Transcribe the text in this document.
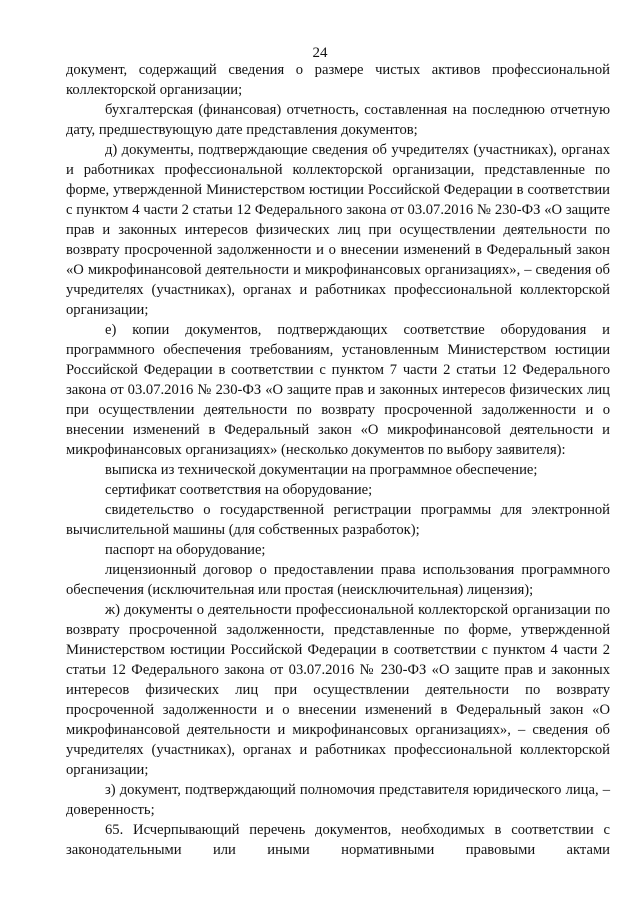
24

документ, содержащий сведения о размере чистых активов профессиональной коллекторской организации;

бухгалтерская (финансовая) отчетность, составленная на последнюю отчетную дату, предшествующую дате представления документов;

д) документы, подтверждающие сведения об учредителях (участниках), органах и работниках профессиональной коллекторской организации, представленные по форме, утвержденной Министерством юстиции Российской Федерации в соответствии с пунктом 4 части 2 статьи 12 Федерального закона от 03.07.2016 № 230-ФЗ «О защите прав и законных интересов физических лиц при осуществлении деятельности по возврату просроченной задолженности и о внесении изменений в Федеральный закон «О микрофинансовой деятельности и микрофинансовых организациях», – сведения об учредителях (участниках), органах и работниках профессиональной коллекторской организации;

е) копии документов, подтверждающих соответствие оборудования и программного обеспечения требованиям, установленным Министерством юстиции Российской Федерации в соответствии с пунктом 7 части 2 статьи 12 Федерального закона от 03.07.2016 № 230-ФЗ «О защите прав и законных интересов физических лиц при осуществлении деятельности по возврату просроченной задолженности и о внесении изменений в Федеральный закон «О микрофинансовой деятельности и микрофинансовых организациях» (несколько документов по выбору заявителя):

выписка из технической документации на программное обеспечение;

сертификат соответствия на оборудование;

свидетельство о государственной регистрации программы для электронной вычислительной машины (для собственных разработок);

паспорт на оборудование;

лицензионный договор о предоставлении права использования программного обеспечения (исключительная или простая (неисключительная) лицензия);

ж) документы о деятельности профессиональной коллекторской организации по возврату просроченной задолженности, представленные по форме, утвержденной Министерством юстиции Российской Федерации в соответствии с пунктом 4 части 2 статьи 12 Федерального закона от 03.07.2016 № 230-ФЗ «О защите прав и законных интересов физических лиц при осуществлении деятельности по возврату просроченной задолженности и о внесении изменений в Федеральный закон «О микрофинансовой деятельности и микрофинансовых организациях», – сведения об учредителях (участниках), органах и работниках профессиональной коллекторской организации;

з) документ, подтверждающий полномочия представителя юридического лица, – доверенность;

65. Исчерпывающий перечень документов, необходимых в соответствии с законодательными или иными нормативными правовыми актами
